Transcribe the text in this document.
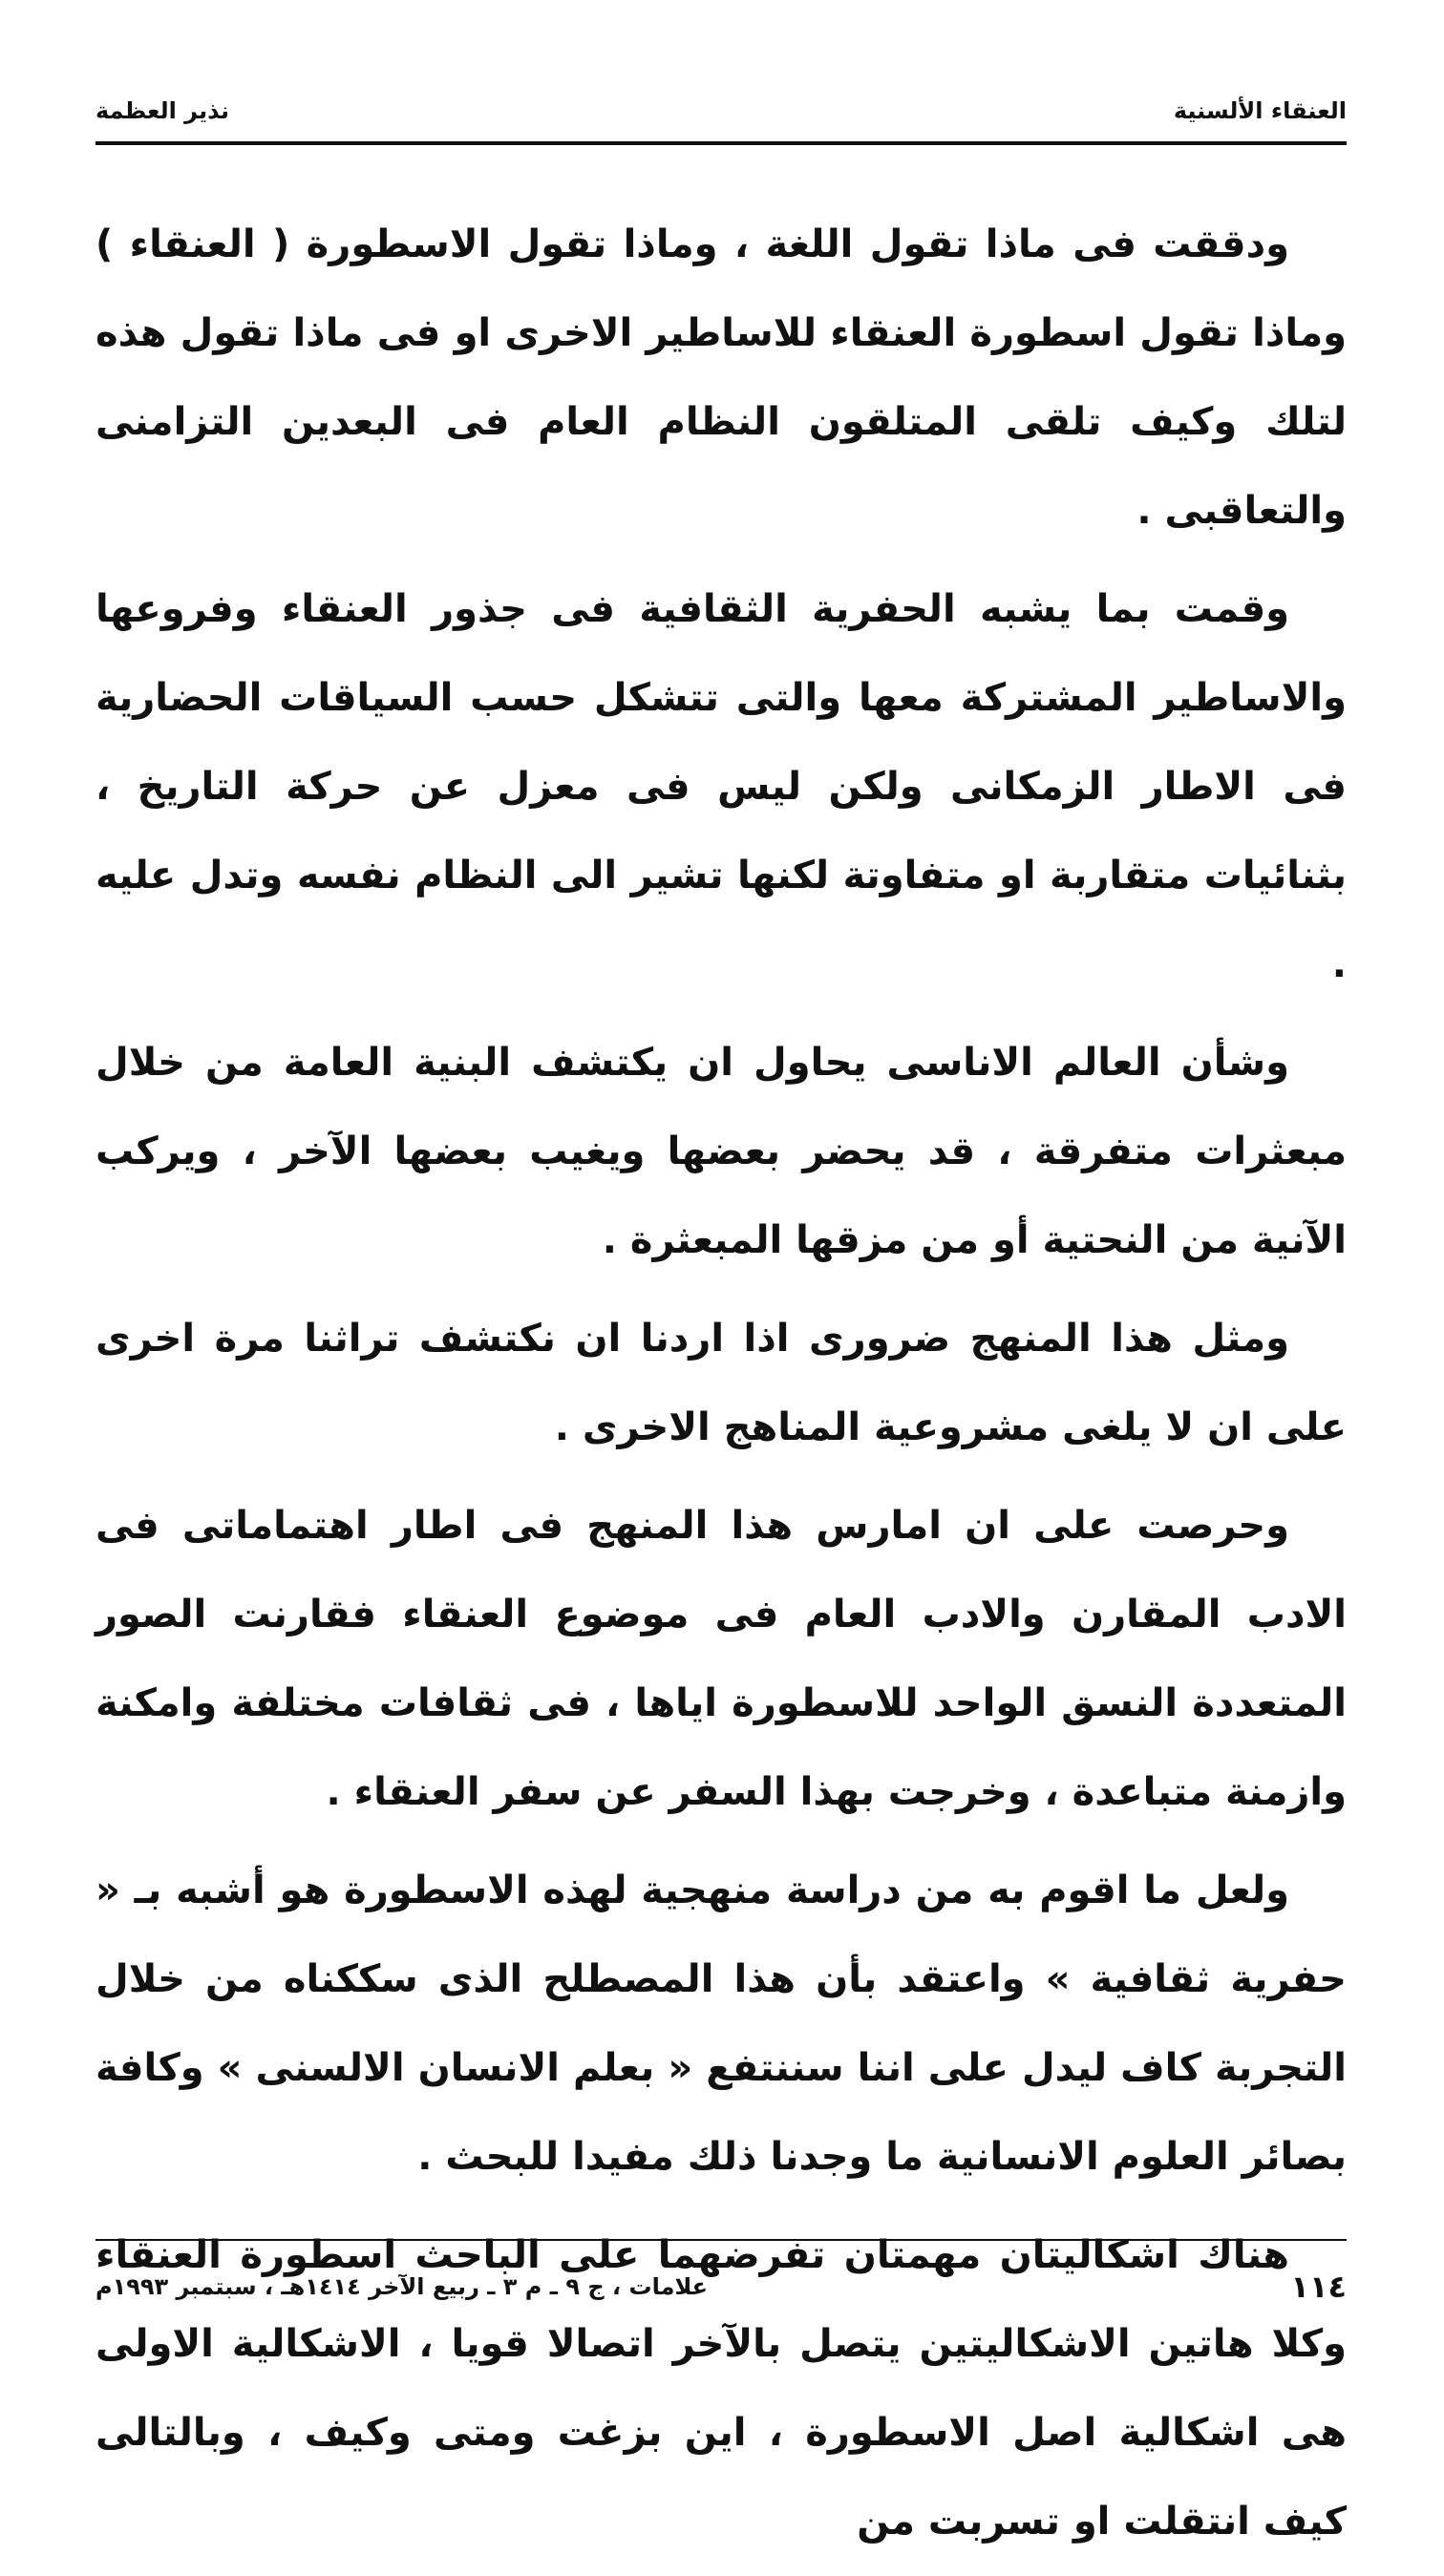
العنقاء الألسنية
نذير العظمة

ودققت فى ماذا تقول اللغة ، وماذا تقول الاسطورة ( العنقاء ) وماذا تقول اسطورة العنقاء للاساطير الاخرى او فى ماذا تقول هذه لتلك وكيف تلقى المتلقون النظام العام فى البعدين التزامنى والتعاقبى .

وقمت بما يشبه الحفرية الثقافية فى جذور العنقاء وفروعها والاساطير المشتركة معها والتى تتشكل حسب السياقات الحضارية فى الاطار الزمكانى ولكن ليس فى معزل عن حركة التاريخ ، بثنائيات متقاربة او متفاوتة لكنها تشير الى النظام نفسه وتدل عليه .

وشأن العالم الاناسى يحاول ان يكتشف البنية العامة من خلال مبعثرات متفرقة ، قد يحضر بعضها ويغيب بعضها الآخر ، ويركب الآنية من النحتية أو من مزقها المبعثرة .

ومثل هذا المنهج ضرورى اذا اردنا ان نكتشف تراثنا مرة اخرى على ان لا يلغى مشروعية المناهج الاخرى .

وحرصت على ان امارس هذا المنهج فى اطار اهتماماتى فى الادب المقارن والادب العام فى موضوع العنقاء فقارنت الصور المتعددة النسق الواحد للاسطورة اياها ، فى ثقافات مختلفة وامكنة وازمنة متباعدة ، وخرجت بهذا السفر عن سفر العنقاء .

ولعل ما اقوم به من دراسة منهجية لهذه الاسطورة هو أشبه بـ « حفرية ثقافية » واعتقد بأن هذا المصطلح الذى سككناه من خلال التجربة كاف ليدل على اننا سننتفع « بعلم الانسان الالسنى » وكافة بصائر العلوم الانسانية ما وجدنا ذلك مفيدا للبحث .

هناك اشكاليتان مهمتان تفرضهما على الباحث اسطورة العنقاء وكلا هاتين الاشكاليتين يتصل بالآخر اتصالا قويا ، الاشكالية الاولى هى اشكالية اصل الاسطورة ، اين بزغت ومتى وكيف ، وبالتالى كيف انتقلت او تسربت من

١١٤
علامات ، ج ٩ ـ م ٣ ـ ربيع الآخر ١٤١٤هـ ، سبتمبر ١٩٩٣م
